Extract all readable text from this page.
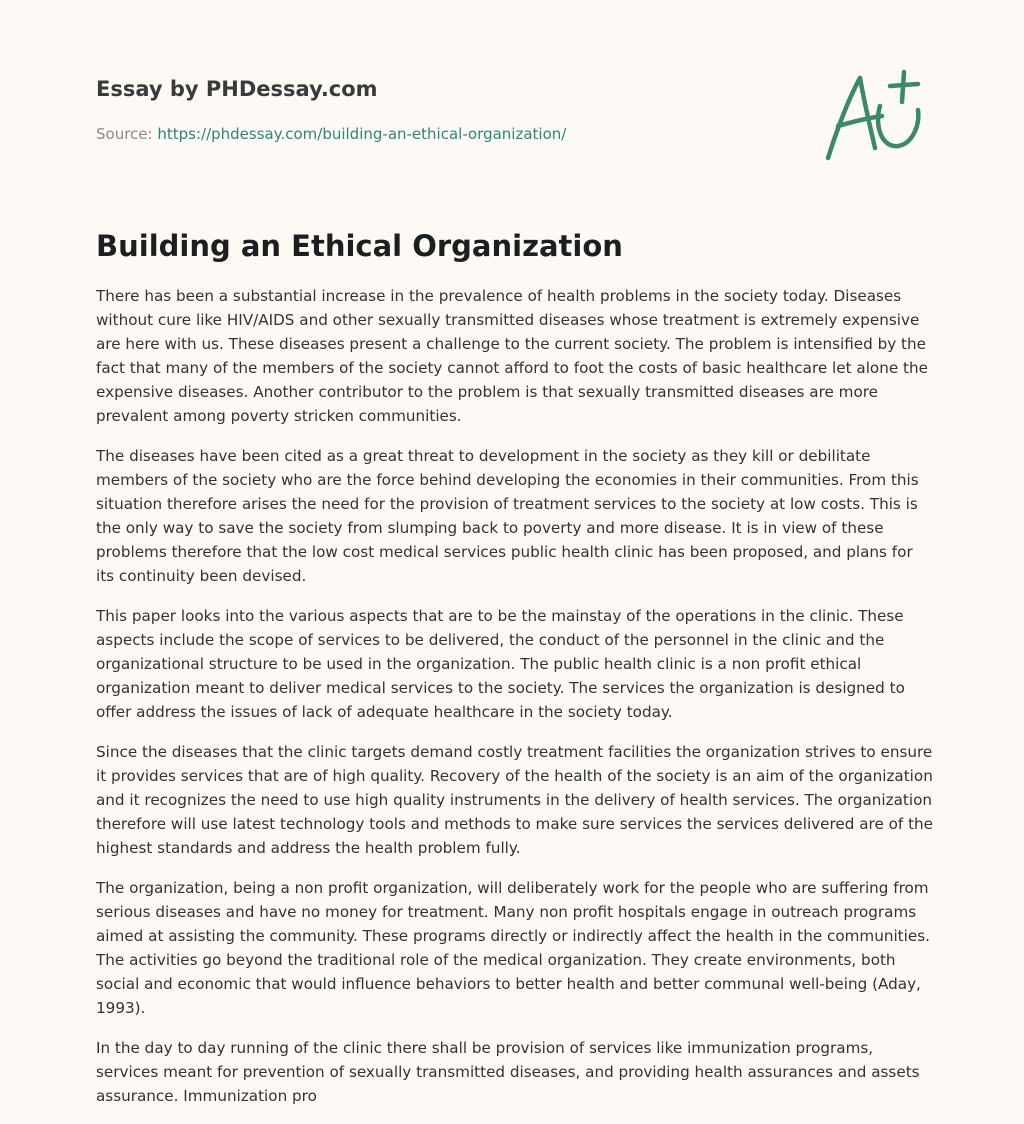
Essay by PHDessay.com
Source: https://phdessay.com/building-an-ethical-organization/
Building an Ethical Organization

There has been a substantial increase in the prevalence of health problems in the society today. Diseases without cure like HIV/AIDS and other sexually transmitted diseases whose treatment is extremely expensive are here with us. These diseases present a challenge to the current society. The problem is intensified by the fact that many of the members of the society cannot afford to foot the costs of basic healthcare let alone the expensive diseases. Another contributor to the problem is that sexually transmitted diseases are more prevalent among poverty stricken communities.

The diseases have been cited as a great threat to development in the society as they kill or debilitate members of the society who are the force behind developing the economies in their communities. From this situation therefore arises the need for the provision of treatment services to the society at low costs. This is the only way to save the society from slumping back to poverty and more disease. It is in view of these problems therefore that the low cost medical services public health clinic has been proposed, and plans for its continuity been devised.

This paper looks into the various aspects that are to be the mainstay of the operations in the clinic. These aspects include the scope of services to be delivered, the conduct of the personnel in the clinic and the organizational structure to be used in the organization. The public health clinic is a non profit ethical organization meant to deliver medical services to the society. The services the organization is designed to offer address the issues of lack of adequate healthcare in the society today.

Since the diseases that the clinic targets demand costly treatment facilities the organization strives to ensure it provides services that are of high quality. Recovery of the health of the society is an aim of the organization and it recognizes the need to use high quality instruments in the delivery of health services. The organization therefore will use latest technology tools and methods to make sure services the services delivered are of the highest standards and address the health problem fully.

The organization, being a non profit organization, will deliberately work for the people who are suffering from serious diseases and have no money for treatment. Many non profit hospitals engage in outreach programs aimed at assisting the community. These programs directly or indirectly affect the health in the communities. The activities go beyond the traditional role of the medical organization. They create environments, both social and economic that would influence behaviors to better health and better communal well-being (Aday, 1993).

In the day to day running of the clinic there shall be provision of services like immunization programs, services meant for prevention of sexually transmitted diseases, and providing health assurances and assets assurance. Immunization pro
